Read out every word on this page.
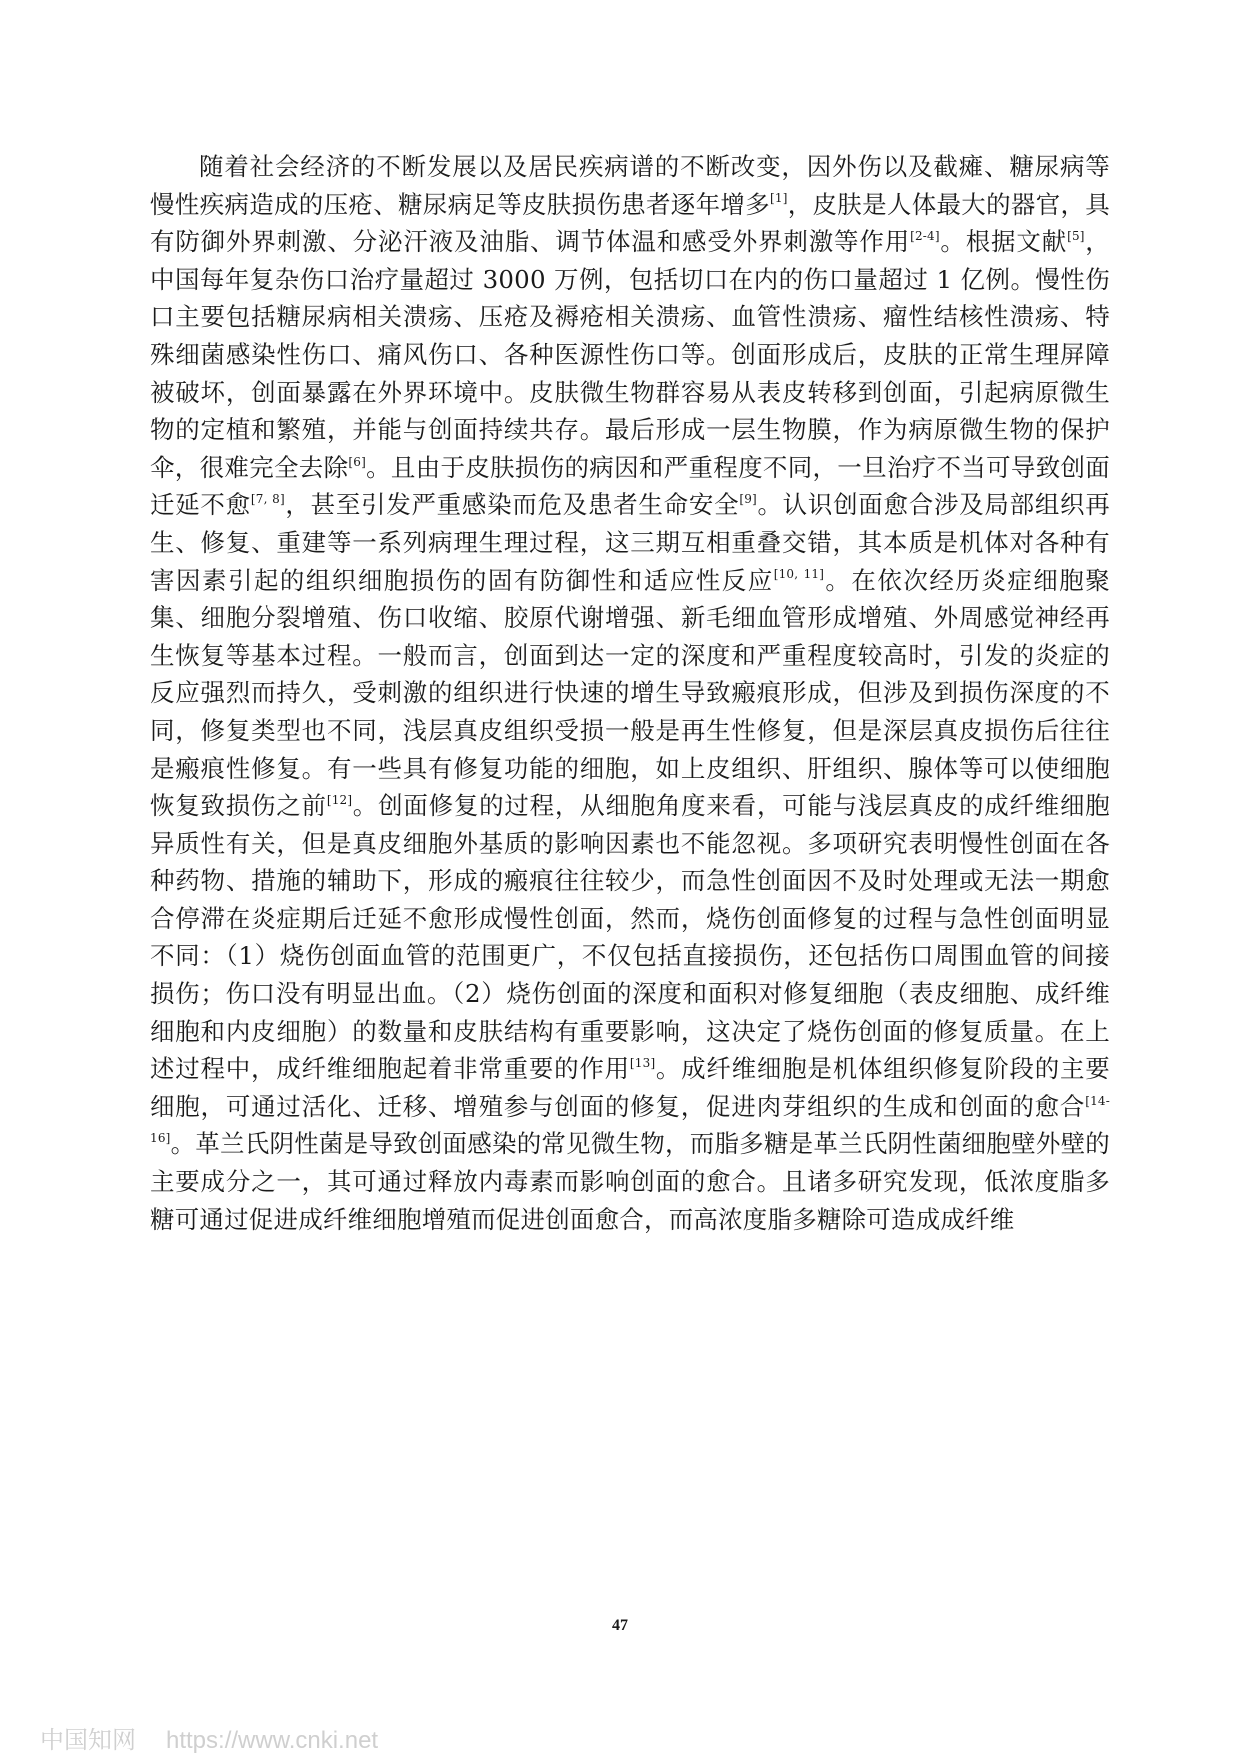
随着社会经济的不断发展以及居民疾病谱的不断改变，因外伤以及截瘫、糖尿病等慢性疾病造成的压疮、糖尿病足等皮肤损伤患者逐年增多[1]，皮肤是人体最大的器官，具有防御外界刺激、分泌汗液及油脂、调节体温和感受外界刺激等作用[2-4]。根据文献[5]，中国每年复杂伤口治疗量超过 3000 万例，包括切口在内的伤口量超过 1 亿例。慢性伤口主要包括糖尿病相关溃疡、压疮及褥疮相关溃疡、血管性溃疡、瘤性结核性溃疡、特殊细菌感染性伤口、痛风伤口、各种医源性伤口等。创面形成后，皮肤的正常生理屏障被破坏，创面暴露在外界环境中。皮肤微生物群容易从表皮转移到创面，引起病原微生物的定植和繁殖，并能与创面持续共存。最后形成一层生物膜，作为病原微生物的保护伞，很难完全去除[6]。且由于皮肤损伤的病因和严重程度不同，一旦治疗不当可导致创面迁延不愈[7, 8]，甚至引发严重感染而危及患者生命安全[9]。认识创面愈合涉及局部组织再生、修复、重建等一系列病理生理过程，这三期互相重叠交错，其本质是机体对各种有害因素引起的组织细胞损伤的固有防御性和适应性反应[10, 11]。在依次经历炎症细胞聚集、细胞分裂增殖、伤口收缩、胶原代谢增强、新毛细血管形成增殖、外周感觉神经再生恢复等基本过程。一般而言，创面到达一定的深度和严重程度较高时，引发的炎症的反应强烈而持久，受刺激的组织进行快速的增生导致瘢痕形成，但涉及到损伤深度的不同，修复类型也不同，浅层真皮组织受损一般是再生性修复，但是深层真皮损伤后往往是瘢痕性修复。有一些具有修复功能的细胞，如上皮组织、肝组织、腺体等可以使细胞恢复致损伤之前[12]。创面修复的过程，从细胞角度来看，可能与浅层真皮的成纤维细胞异质性有关，但是真皮细胞外基质的影响因素也不能忽视。多项研究表明慢性创面在各种药物、措施的辅助下，形成的瘢痕往往较少，而急性创面因不及时处理或无法一期愈合停滞在炎症期后迁延不愈形成慢性创面，然而，烧伤创面修复的过程与急性创面明显不同：（1）烧伤创面血管的范围更广，不仅包括直接损伤，还包括伤口周围血管的间接损伤；伤口没有明显出血。（2）烧伤创面的深度和面积对修复细胞（表皮细胞、成纤维细胞和内皮细胞）的数量和皮肤结构有重要影响，这决定了烧伤创面的修复质量。在上述过程中，成纤维细胞起着非常重要的作用[13]。成纤维细胞是机体组织修复阶段的主要细胞，可通过活化、迁移、增殖参与创面的修复，促进肉芽组织的生成和创面的愈合[14-16]。革兰氏阴性菌是导致创面感染的常见微生物，而脂多糖是革兰氏阴性菌细胞壁外壁的主要成分之一，其可通过释放内毒素而影响创面的愈合。且诸多研究发现，低浓度脂多糖可通过促进成纤维细胞增殖而促进创面愈合，而高浓度脂多糖除可造成成纤维

47
中国知网 https://www.cnki.net
